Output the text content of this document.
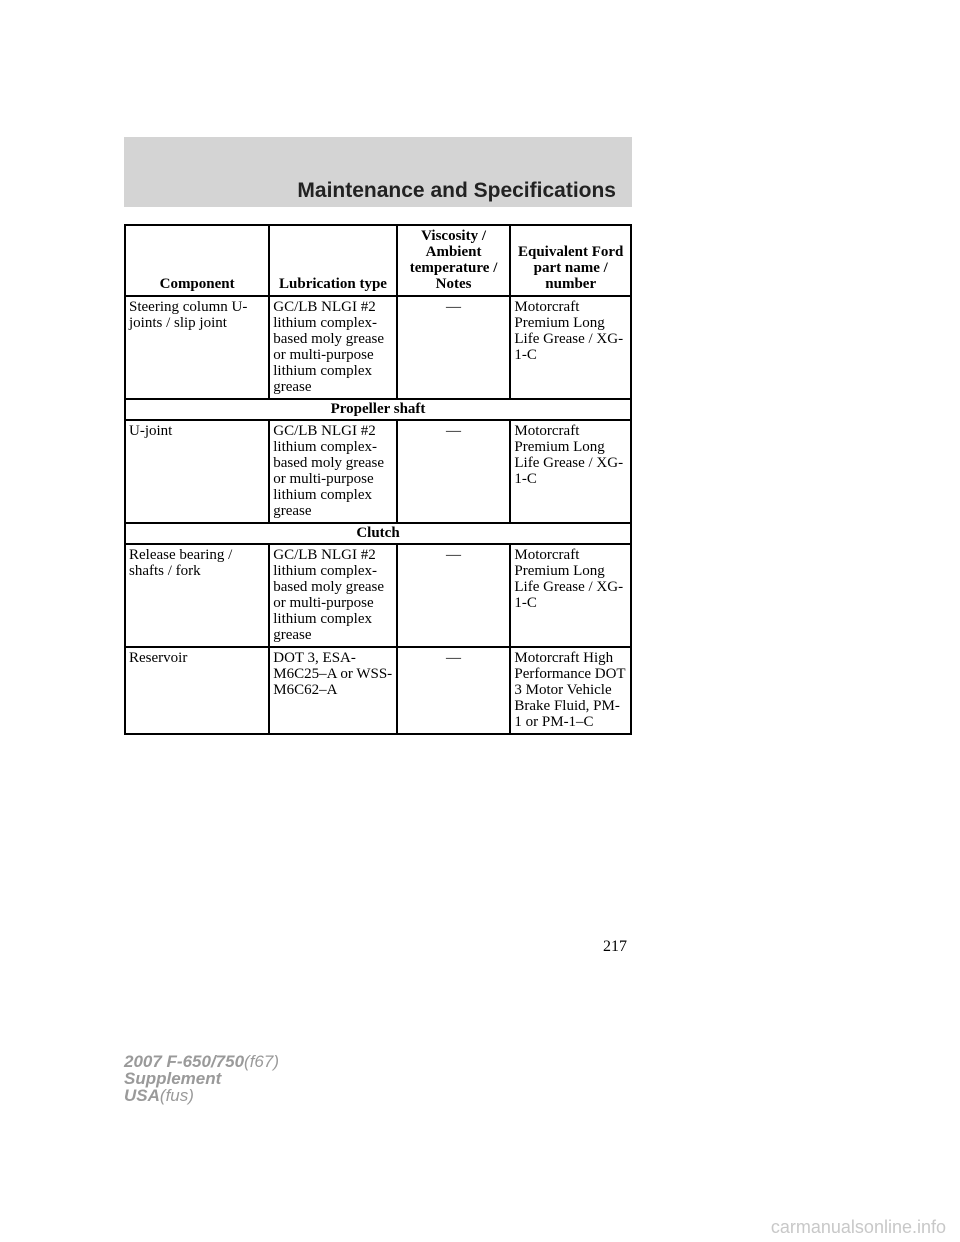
Maintenance and Specifications
Component	Lubrication type	Viscosity / Ambient temperature / Notes	Equivalent Ford part name / number
Steering column U-joints / slip joint	GC/LB NLGI #2 lithium complex-based moly grease or multi-purpose lithium complex grease	—	Motorcraft Premium Long Life Grease / XG-1-C
Propeller shaft			
U-joint	GC/LB NLGI #2 lithium complex-based moly grease or multi-purpose lithium complex grease	—	Motorcraft Premium Long Life Grease / XG-1-C
Clutch			
Release bearing / shafts / fork	GC/LB NLGI #2 lithium complex-based moly grease or multi-purpose lithium complex grease	—	Motorcraft Premium Long Life Grease / XG-1-C
Reservoir	DOT 3, ESA-M6C25–A or WSS-M6C62–A	—	Motorcraft High Performance DOT 3 Motor Vehicle Brake Fluid, PM-1 or PM-1–C
217
2007 F-650/750(f67)
Supplement
USA(fus)
carmanualsonline.info
